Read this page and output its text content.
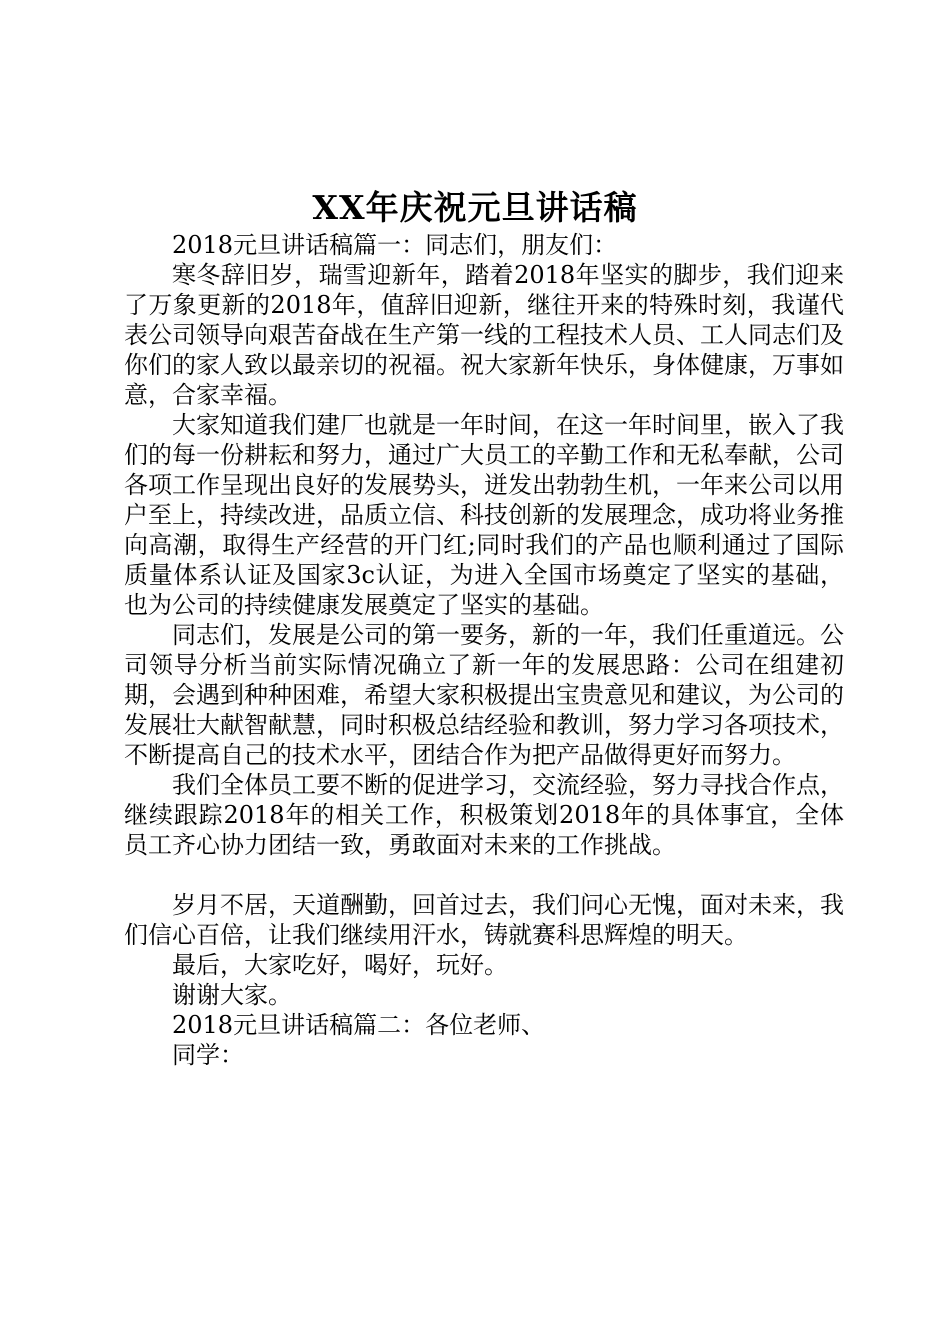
XX年庆祝元旦讲话稿

2018元旦讲话稿篇一：同志们，朋友们：

寒冬辞旧岁，瑞雪迎新年，踏着2018年坚实的脚步，我们迎来了万象更新的2018年，值辞旧迎新，继往开来的特殊时刻，我谨代表公司领导向艰苦奋战在生产第一线的工程技术人员、工人同志们及你们的家人致以最亲切的祝福。祝大家新年快乐，身体健康，万事如意，合家幸福。

大家知道我们建厂也就是一年时间，在这一年时间里，嵌入了我们的每一份耕耘和努力，通过广大员工的辛勤工作和无私奉献，公司各项工作呈现出良好的发展势头，迸发出勃勃生机，一年来公司以用户至上，持续改进，品质立信、科技创新的发展理念，成功将业务推向高潮，取得生产经营的开门红;同时我们的产品也顺利通过了国际质量体系认证及国家3c认证，为进入全国市场奠定了坚实的基础，也为公司的持续健康发展奠定了坚实的基础。

同志们，发展是公司的第一要务，新的一年，我们任重道远。公司领导分析当前实际情况确立了新一年的发展思路：公司在组建初期，会遇到种种困难，希望大家积极提出宝贵意见和建议，为公司的发展壮大献智献慧，同时积极总结经验和教训，努力学习各项技术，不断提高自己的技术水平，团结合作为把产品做得更好而努力。

我们全体员工要不断的促进学习，交流经验，努力寻找合作点，继续跟踪2018年的相关工作，积极策划2018年的具体事宜，全体员工齐心协力团结一致，勇敢面对未来的工作挑战。

岁月不居，天道酬勤，回首过去，我们问心无愧，面对未来，我们信心百倍，让我们继续用汗水，铸就赛科思辉煌的明天。

最后，大家吃好，喝好，玩好。

谢谢大家。

2018元旦讲话稿篇二：各位老师、

同学：
